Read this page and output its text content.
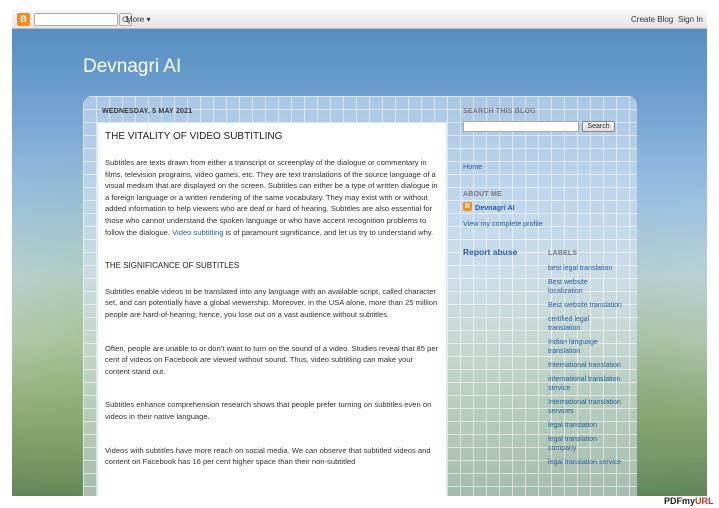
B	More ▾	Create Blog Sign In
Devnagri AI
WEDNESDAY, 5 MAY 2021
THE VITALITY OF VIDEO SUBTITLING

Subtitles are texts drawn from either a transcript or screenplay of the dialogue or commentary in films, television programs, video games, etc. They are text translations of the source language of a visual medium that are displayed on the screen. Subtitles can either be a type of written dialogue in a foreign language or a written rendering of the same vocabulary. They may exist with or without added information to help viewers who are deaf or hard of hearing. Subtitles are also essential for those who cannot understand the spoken language or who have accent recognition problems to follow the dialogue. Video subtitling is of paramount significance, and let us try to understand why.

THE SIGNIFICANCE OF SUBTITLES

Subtitles enable videos to be translated into any language with an available script, called character set, and can potentially have a global viewership. Moreover, in the USA alone, more than 25 million people are hard-of-hearing; hence, you lose out on a vast audience without subtitles.

Often, people are unable to or don’t want to turn on the sound of a video. Studies reveal that 85 per cent of videos on Facebook are viewed without sound. Thus, video subtitling can make your content stand out.

Subtitles enhance comprehension research shows that people prefer turning on subtitles even on videos in their native language.

Videos with subtitles have more reach on social media. We can observe that subtitled videos and content on Facebook has 16 per cent higher space than their non-subtitled

SEARCH THIS BLOG
Search
Home
ABOUT ME
B Devnagri AI
View my complete profile
Report abuse	LABELS
best legal translation
Best website localization
Best website translation
certified legal translation
Indian language translation
International translation
international translation service
International translation services
legal translation
legal translation company
legal translation service
PDFmyURL
